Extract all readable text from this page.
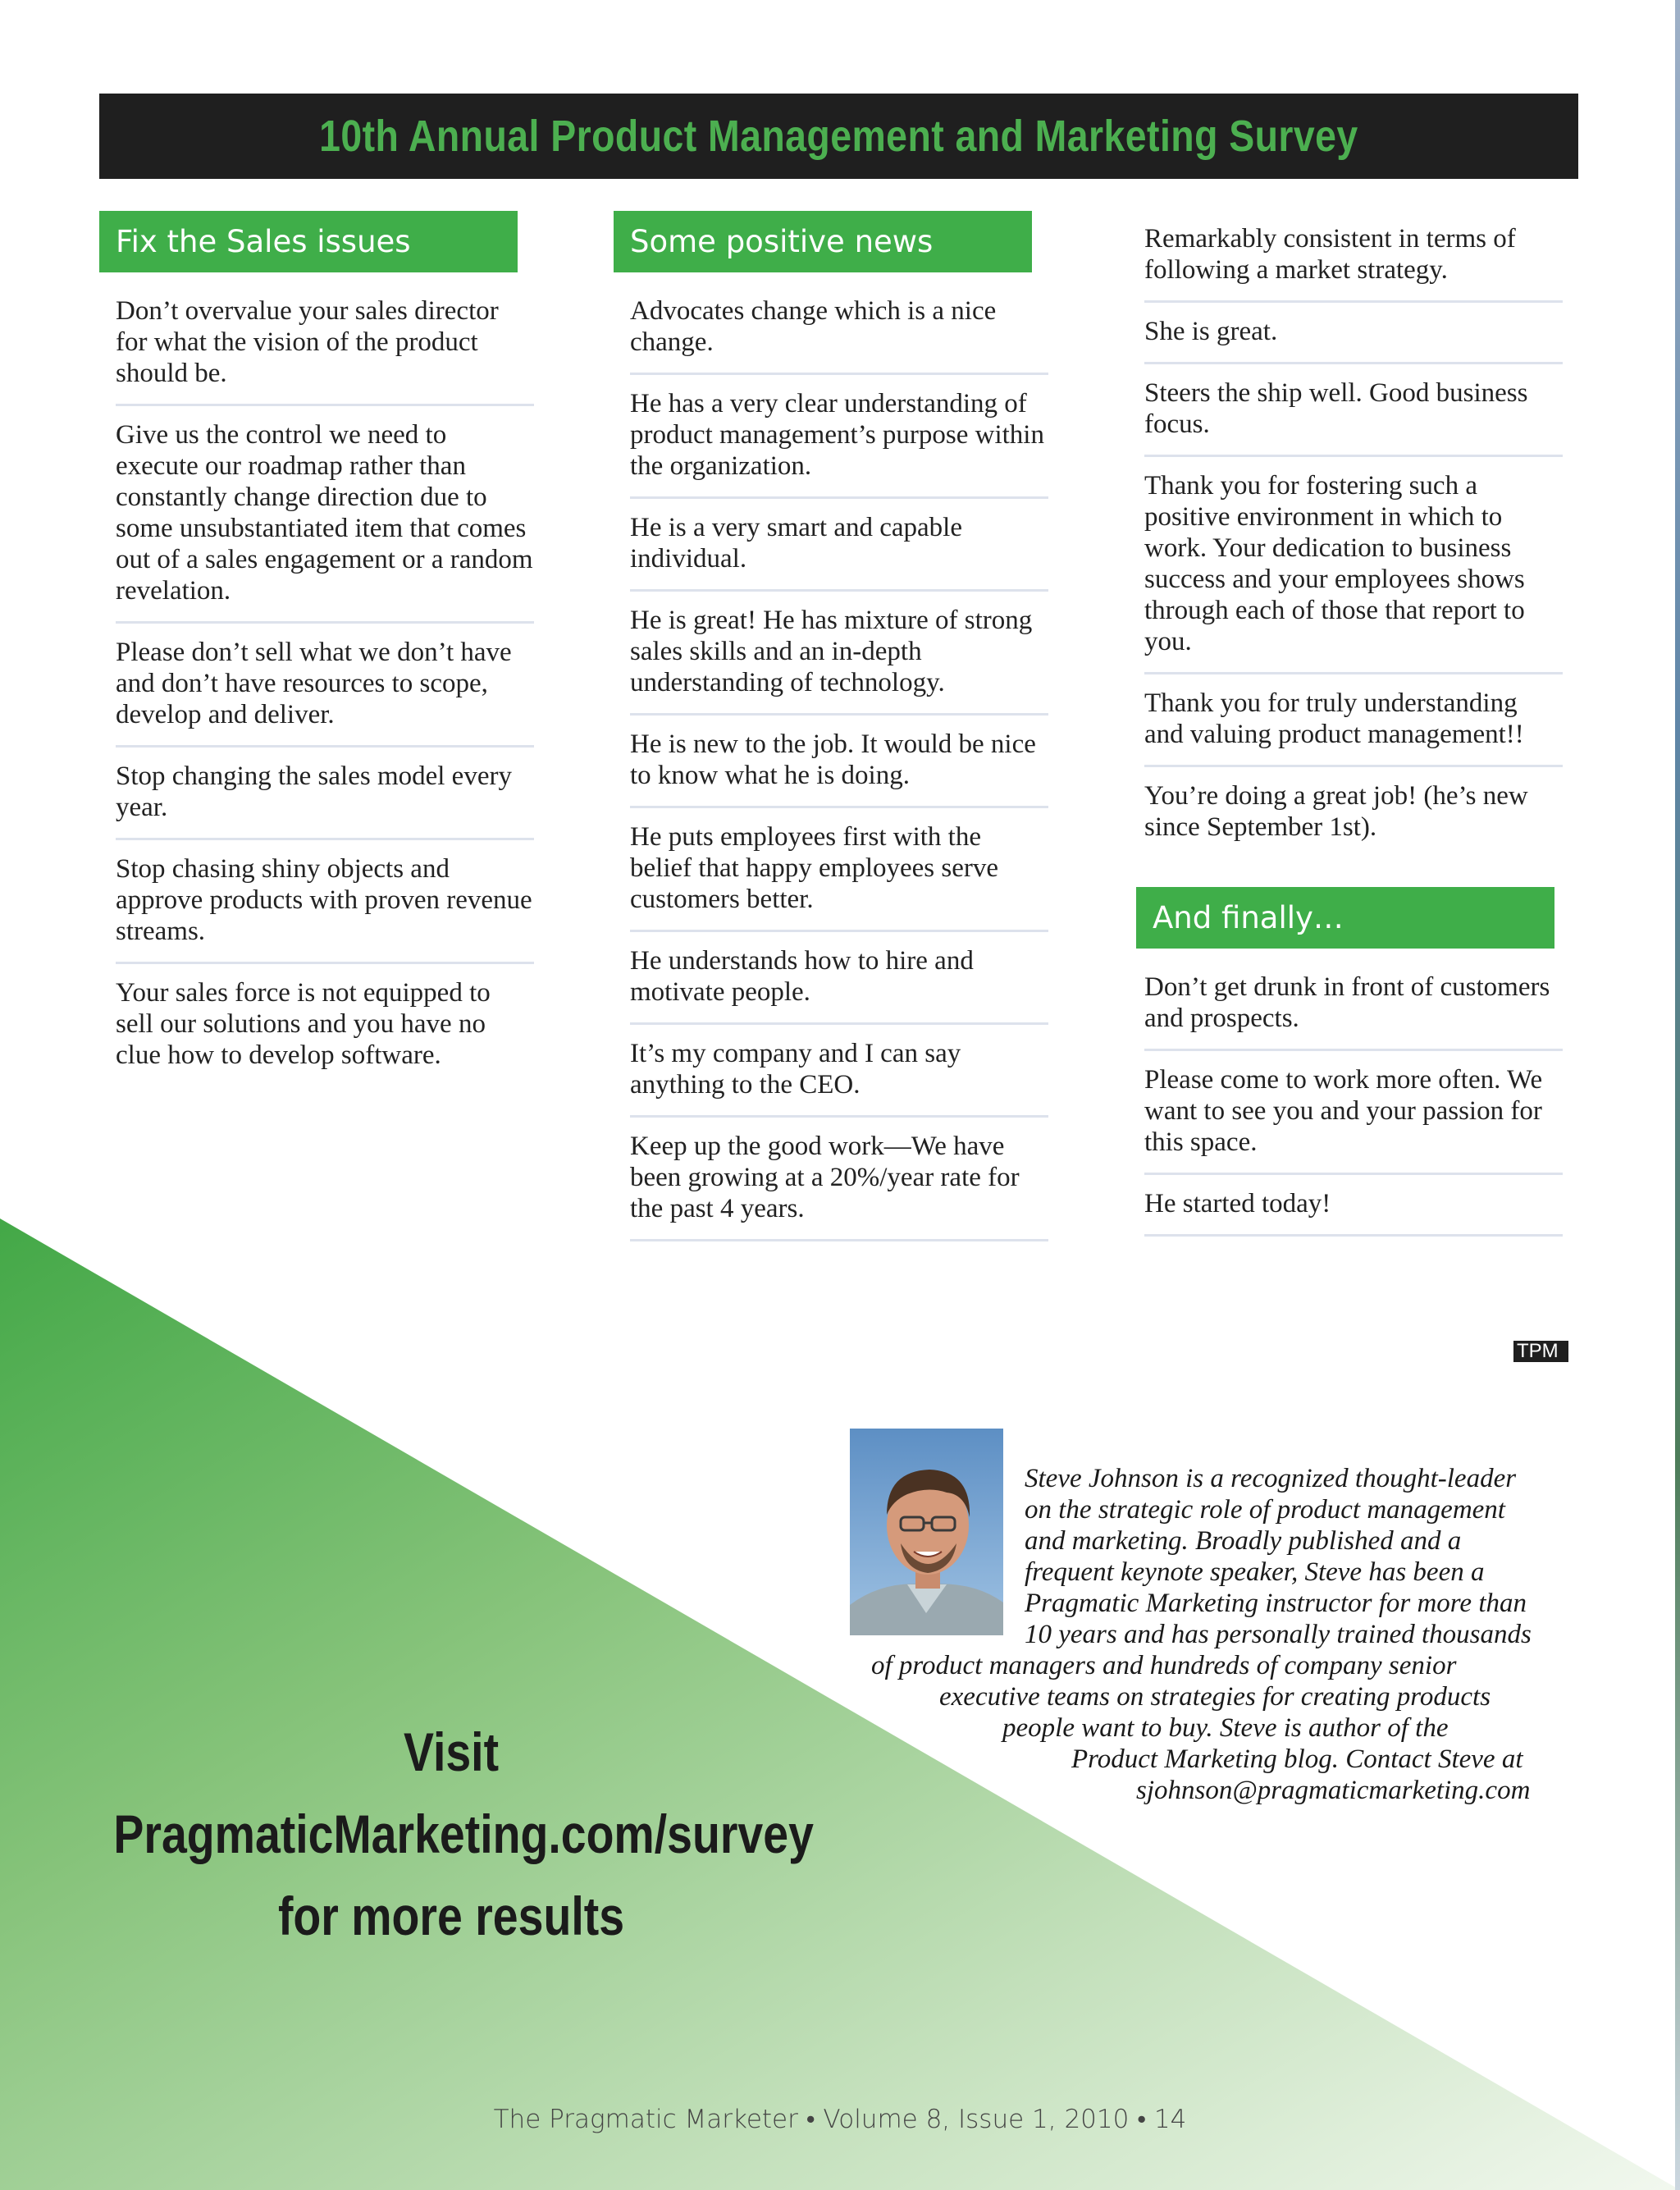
10th Annual Product Management and Marketing Survey
Fix the Sales issues
Don’t overvalue your sales director for what the vision of the product should be.
Give us the control we need to execute our roadmap rather than constantly change direction due to some unsubstantiated item that comes out of a sales engagement or a random revelation.
Please don’t sell what we don’t have and don’t have resources to scope, develop and deliver.
Stop changing the sales model every year.
Stop chasing shiny objects and approve products with proven revenue streams.
Your sales force is not equipped to sell our solutions and you have no clue how to develop software.
Some positive news
Advocates change which is a nice change.
He has a very clear understanding of product management’s purpose within the organization.
He is a very smart and capable individual.
He is great! He has mixture of strong sales skills and an in-depth understanding of technology.
He is new to the job. It would be nice to know what he is doing.
He puts employees first with the belief that happy employees serve customers better.
He understands how to hire and motivate people.
It’s my company and I can say anything to the CEO.
Keep up the good work—We have been growing at a 20%/year rate for the past 4 years.
Remarkably consistent in terms of following a market strategy.
She is great.
Steers the ship well. Good business focus.
Thank you for fostering such a positive environment in which to work. Your dedication to business success and your employees shows through each of those that report to you.
Thank you for truly understanding and valuing product management!!
You’re doing a great job! (he’s new since September 1st).
And finally…
Don’t get drunk in front of customers and prospects.
Please come to work more often. We want to see you and your passion for this space.
He started today!
TPM
Steve Johnson is a recognized thought-leader
on the strategic role of product management
and marketing. Broadly published and a
frequent keynote speaker, Steve has been a
Pragmatic Marketing instructor for more than
10 years and has personally trained thousands
of product managers and hundreds of company senior
executive teams on strategies for creating products
people want to buy. Steve is author of the
Product Marketing blog. Contact Steve at
sjohnson@pragmaticmarketing.com
Visit
PragmaticMarketing.com/survey
for more results
The Pragmatic Marketer • Volume 8, Issue 1, 2010 • 14
